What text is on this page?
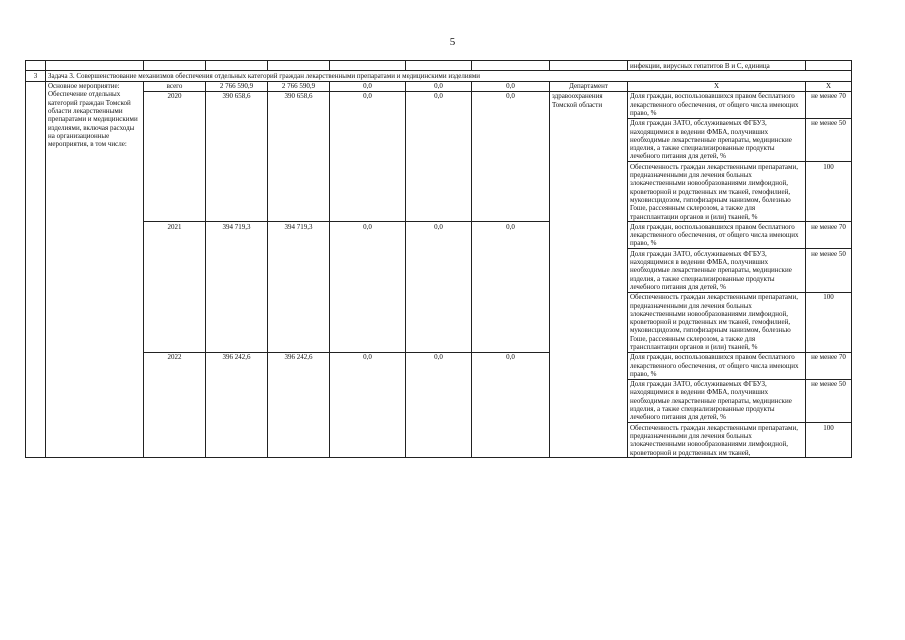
5
									инфекции, вирусных гепатитов В и С, единица	
3	Задача 3. Совершенствование механизмов обеспечения отдельных категорий граждан лекарственными препаратами и медицинскими изделиями									
	Основное мероприятие: Обеспечение отдельных категорий граждан Томской области лекарственными препаратами и медицинскими изделиями, включая расходы на организационные мероприятия, в том числе:	всего	2 766 590,9	2 766 590,9	0,0	0,0	0,0	Департамент	X	X
		2020	390 658,6	390 658,6	0,0	0,0	0,0	здравоохранения Томской области	Доля граждан, воспользовавшихся правом бесплатного лекарственного обеспечения, от общего числа имеющих право, %	не менее 70
									Доля граждан ЗАТО, обслуживаемых ФГБУЗ, находящимися в ведении ФМБА, получивших необходимые лекарственные препараты, медицинские изделия, а также специализированные продукты лечебного питания для детей, %	не менее 50
									Обеспеченность граждан лекарственными препаратами, предназначенными для лечения больных злокачественными новообразованиями лимфоидной, кроветворной и родственных им тканей, гемофилией, муковисцидозом, гипофизарным нанизмом, болезнью Гоше, рассеянным склерозом, а также для трансплантации органов и (или) тканей, %	100
		2021	394 719,3	394 719,3	0,0	0,0	0,0		Доля граждан, воспользовавшихся правом бесплатного лекарственного обеспечения, от общего числа имеющих право, %	не менее 70
									Доля граждан ЗАТО, обслуживаемых ФГБУЗ, находящимися в ведении ФМБА, получивших необходимые лекарственные препараты, медицинские изделия, а также специализированные продукты лечебного питания для детей, %	не менее 50
									Обеспеченность граждан лекарственными препаратами, предназначенными для лечения больных злокачественными новообразованиями лимфоидной, кроветворной и родственных им тканей, гемофилией, муковисцидозом, гипофизарным нанизмом, болезнью Гоше, рассеянным склерозом, а также для трансплантации органов и (или) тканей, %	100
		2022	396 242,6	396 242,6	0,0	0,0	0,0		Доля граждан, воспользовавшихся правом бесплатного лекарственного обеспечения, от общего числа имеющих право, %	не менее 70
									Доля граждан ЗАТО, обслуживаемых ФГБУЗ, находящимися в ведении ФМБА, получивших необходимые лекарственные препараты, медицинские изделия, а также специализированные продукты лечебного питания для детей, %	не менее 50
									Обеспеченность граждан лекарственными препаратами, предназначенными для лечения больных злокачественными новообразованиями лимфоидной, кроветворной и родственных им тканей,	100
